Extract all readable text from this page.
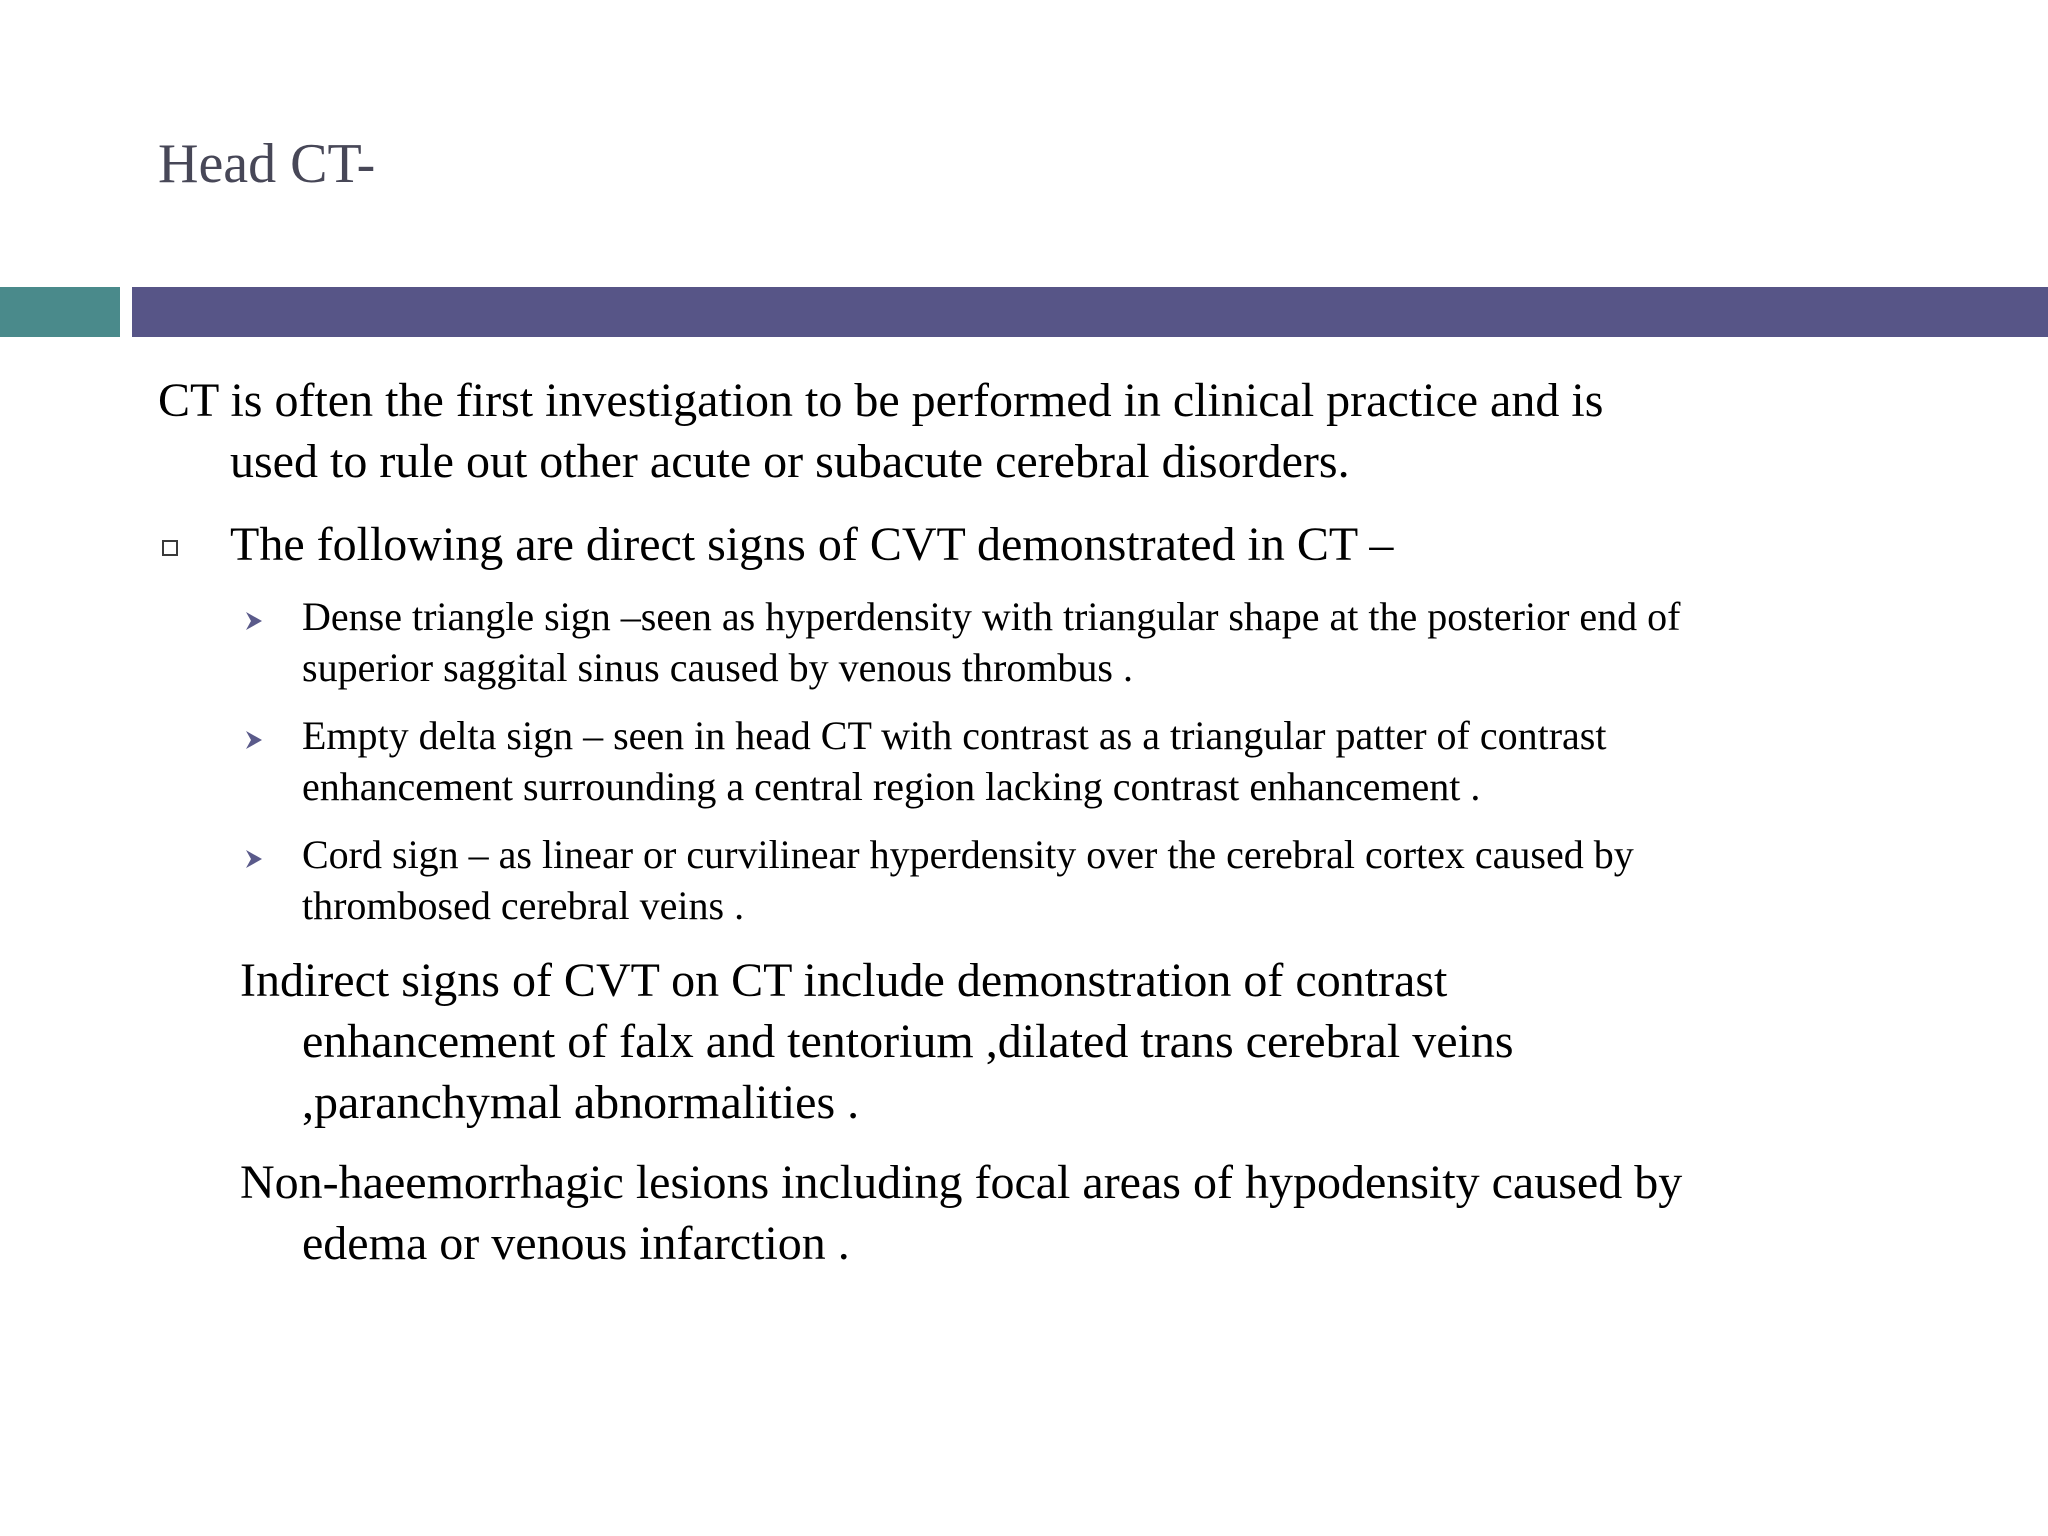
Head CT-
CT is often the first investigation to be performed in clinical practice and is
used to rule out other acute or subacute cerebral disorders.
The following are direct signs of CVT demonstrated in CT –
Dense triangle sign –seen as hyperdensity with triangular shape at the posterior end of
superior saggital sinus caused by venous thrombus .
Empty delta sign – seen in head CT with contrast as a triangular patter of contrast
enhancement surrounding a central region lacking contrast enhancement .
Cord sign – as linear or curvilinear hyperdensity over the cerebral cortex caused by
thrombosed cerebral veins .
Indirect signs of CVT on CT include demonstration of contrast
enhancement of falx and tentorium ,dilated trans cerebral veins
,paranchymal abnormalities .
Non-haeemorrhagic lesions including focal areas of hypodensity caused by
edema or venous infarction .
